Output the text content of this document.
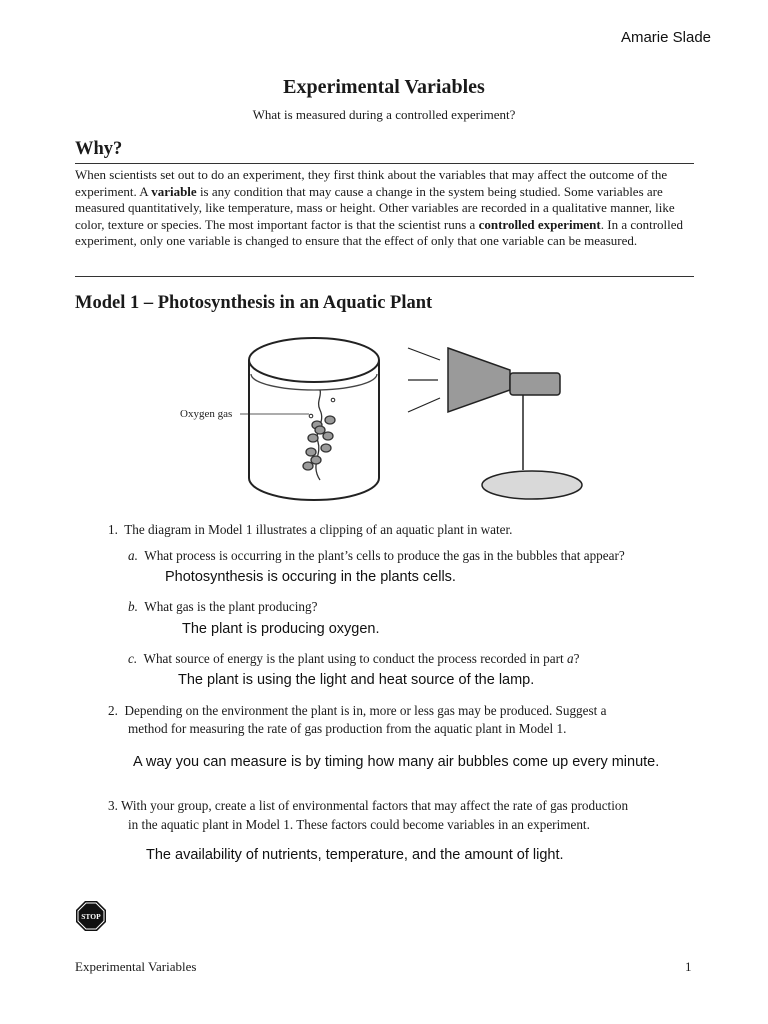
Amarie Slade
Experimental Variables
What is measured during a controlled experiment?
Why?
When scientists set out to do an experiment, they first think about the variables that may affect the outcome of the experiment. A variable is any condition that may cause a change in the system being studied. Some variables are measured quantitatively, like temperature, mass or height. Other variables are recorded in a qualitative manner, like color, texture or species. The most important factor is that the scientist runs a controlled experiment. In a controlled experiment, only one variable is changed to ensure that the effect of only that one variable can be measured.
Model 1 – Photosynthesis in an Aquatic Plant
Oxygen gas
1. The diagram in Model 1 illustrates a clipping of an aquatic plant in water.
a. What process is occurring in the plant’s cells to produce the gas in the bubbles that appear?
Photosynthesis is occuring in the plants cells.
b. What gas is the plant producing?
The plant is producing oxygen.
c. What source of energy is the plant using to conduct the process recorded in part a?
The plant is using the light and heat source of the lamp.
2. Depending on the environment the plant is in, more or less gas may be produced. Suggest a
method for measuring the rate of gas production from the aquatic plant in Model 1.
A way you can measure is by timing how many air bubbles come up every minute.
3. With your group, create a list of environmental factors that may affect the rate of gas production
in the aquatic plant in Model 1. These factors could become variables in an experiment.
The availability of nutrients, temperature, and the amount of light.
STOP
Experimental Variables	1
